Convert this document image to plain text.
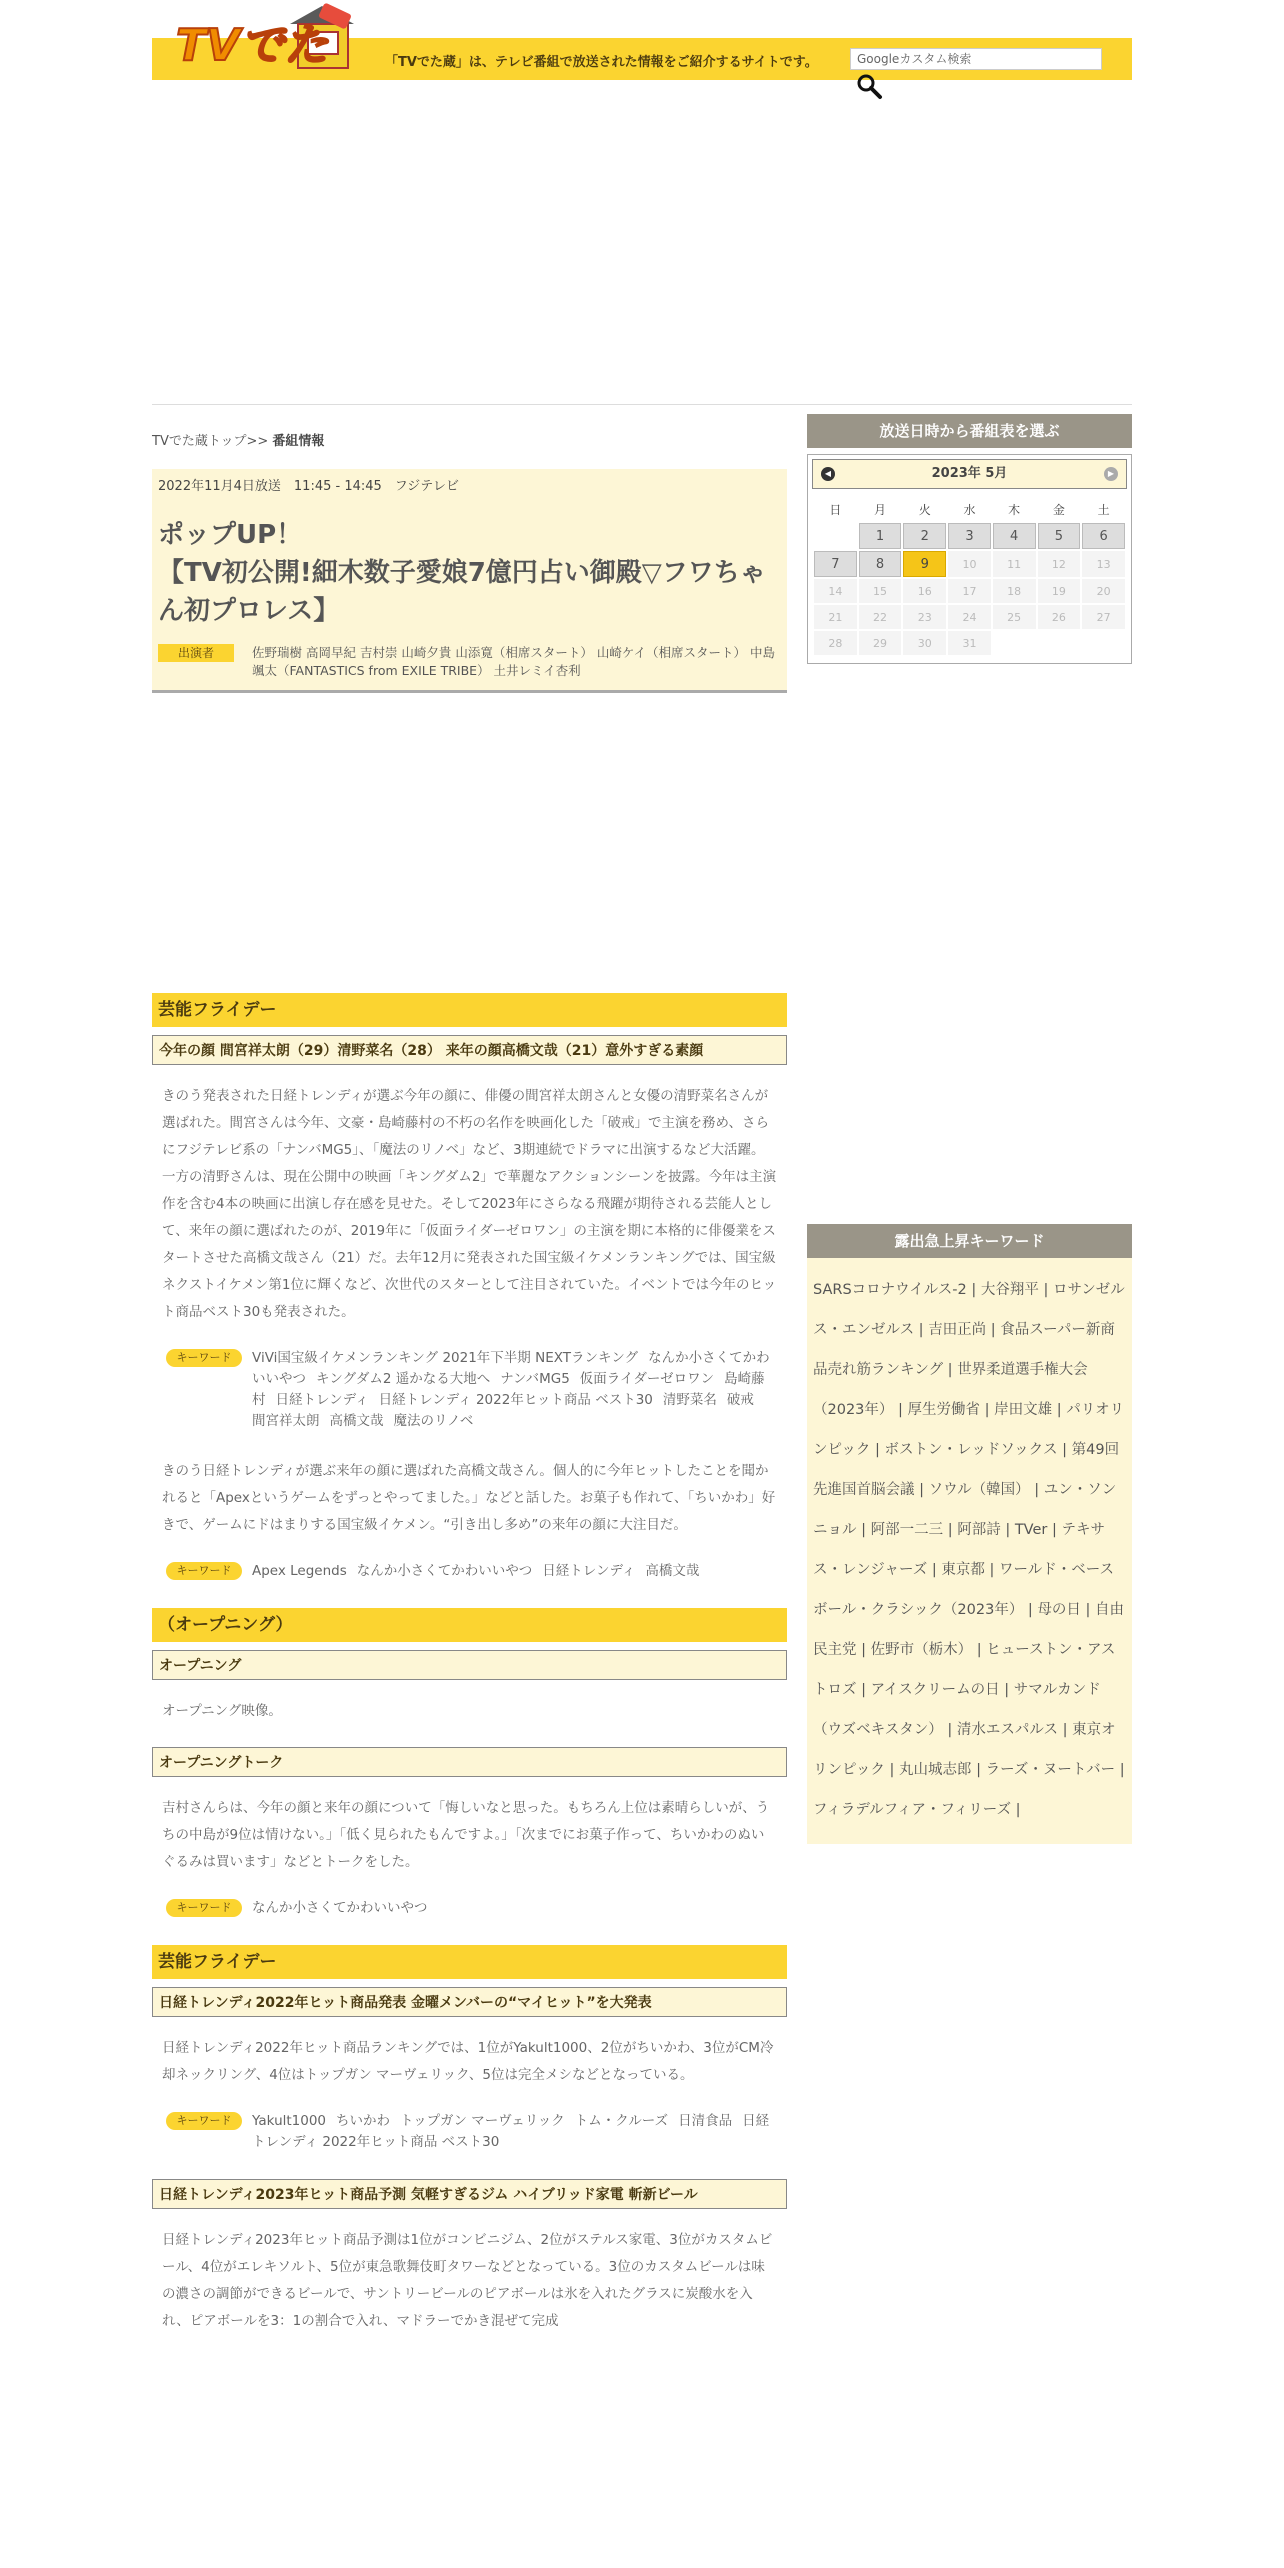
TVでた	「TVでた蔵」は、テレビ番組で放送された情報をご紹介するサイトです。
Googleカスタム検索
TVでた蔵トップ>> 番組情報
2022年11月4日放送　11:45 - 14:45　フジテレビ
ポップUP！
【TV初公開!細木数子愛娘7億円占い御殿▽フワちゃん初プロレス】
出演者	佐野瑞樹 高岡早紀 吉村崇 山崎夕貴 山添寛（相席スタート） 山崎ケイ（相席スタート） 中島颯太（FANTASTICS from EXILE TRIBE） 土井レミイ杏利
芸能フライデー
今年の顔 間宮祥太朗（29）清野菜名（28） 来年の顔高橋文哉（21）意外すぎる素顔
きのう発表された日経トレンディが選ぶ今年の顔に、俳優の間宮祥太朗さんと女優の清野菜名さんが選ばれた。間宮さんは今年、文豪・島崎藤村の不朽の名作を映画化した「破戒」で主演を務め、さらにフジテレビ系の「ナンバMG5」、「魔法のリノベ」など、3期連続でドラマに出演するなど大活躍。一方の清野さんは、現在公開中の映画「キングダム2」で華麗なアクションシーンを披露。今年は主演作を含む4本の映画に出演し存在感を見せた。そして2023年にさらなる飛躍が期待される芸能人として、来年の顔に選ばれたのが、2019年に「仮面ライダーゼロワン」の主演を期に本格的に俳優業をスタートさせた高橋文哉さん（21）だ。去年12月に発表された国宝級イケメンランキングでは、国宝級ネクストイケメン第1位に輝くなど、次世代のスターとして注目されていた。イベントでは今年のヒット商品ベスト30も発表された。
キーワード	ViVi国宝級イケメンランキング 2021年下半期 NEXTランキング なんか小さくてかわいいやつ キングダム2 遥かなる大地へ ナンバMG5 仮面ライダーゼロワン 島崎藤村 日経トレンディ 日経トレンディ 2022年ヒット商品 ベスト30 清野菜名 破戒間宮祥太朗 高橋文哉 魔法のリノベ
きのう日経トレンディが選ぶ来年の顔に選ばれた高橋文哉さん。個人的に今年ヒットしたことを聞かれると「Apexというゲームをずっとやってました。」などと話した。お菓子も作れて、「ちいかわ」好きで、ゲームにドはまりする国宝級イケメン。“引き出し多め”の来年の顔に大注目だ。
キーワード	Apex Legends なんか小さくてかわいいやつ 日経トレンディ 高橋文哉
（オープニング）
オープニング
オープニング映像。
オープニングトーク
吉村さんらは、今年の顔と来年の顔について「悔しいなと思った。もちろん上位は素晴らしいが、うちの中島が9位は情けない。」「低く見られたもんですよ。」「次までにお菓子作って、ちいかわのぬいぐるみは買います」などとトークをした。
キーワード	なんか小さくてかわいいやつ
芸能フライデー
日経トレンディ2022年ヒット商品発表 金曜メンバーの“マイヒット”を大発表
日経トレンディ2022年ヒット商品ランキングでは、1位がYakult1000、2位がちいかわ、3位がCM冷却ネックリング、4位はトップガン マーヴェリック、5位は完全メシなどとなっている。
キーワード	Yakult1000 ちいかわ トップガン マーヴェリック トム・クルーズ 日清食品 日経トレンディ 2022年ヒット商品 ベスト30
日経トレンディ2023年ヒット商品予測 気軽すぎるジム ハイブリッド家電 斬新ビール
日経トレンディ2023年ヒット商品予測は1位がコンビニジム、2位がステルス家電、3位がカスタムビール、4位がエレキソルト、5位が東急歌舞伎町タワーなどとなっている。3位のカスタムビールは味の濃さの調節ができるビールで、サントリービールのピアボールは氷を入れたグラスに炭酸水を入れ、ピアボールを3：1の割合で入れ、マドラーでかき混ぜて完成
放送日時から番組表を選ぶ
◀	2023年 5月	▶
日	月	火	水	木	金	土
	1	2	3	4	5	6
7	8	9	10	11	12	13
14	15	16	17	18	19	20
21	22	23	24	25	26	27
28	29	30	31			
露出急上昇キーワード
SARSコロナウイルス-2 | 大谷翔平 | ロサンゼルス・エンゼルス | 吉田正尚 | 食品スーパー新商品売れ筋ランキング | 世界柔道選手権大会（2023年） | 厚生労働省 | 岸田文雄 | パリオリンピック | ボストン・レッドソックス | 第49回先進国首脳会議 | ソウル（韓国） | ユン・ソンニョル | 阿部一二三 | 阿部詩 | TVer | テキサス・レンジャーズ | 東京都 | ワールド・ベースボール・クラシック（2023年） | 母の日 | 自由民主党 | 佐野市（栃木） | ヒューストン・アストロズ | アイスクリームの日 | サマルカンド（ウズベキスタン） | 清水エスパルス | 東京オリンピック | 丸山城志郎 | ラーズ・ヌートバー | フィラデルフィア・フィリーズ |
